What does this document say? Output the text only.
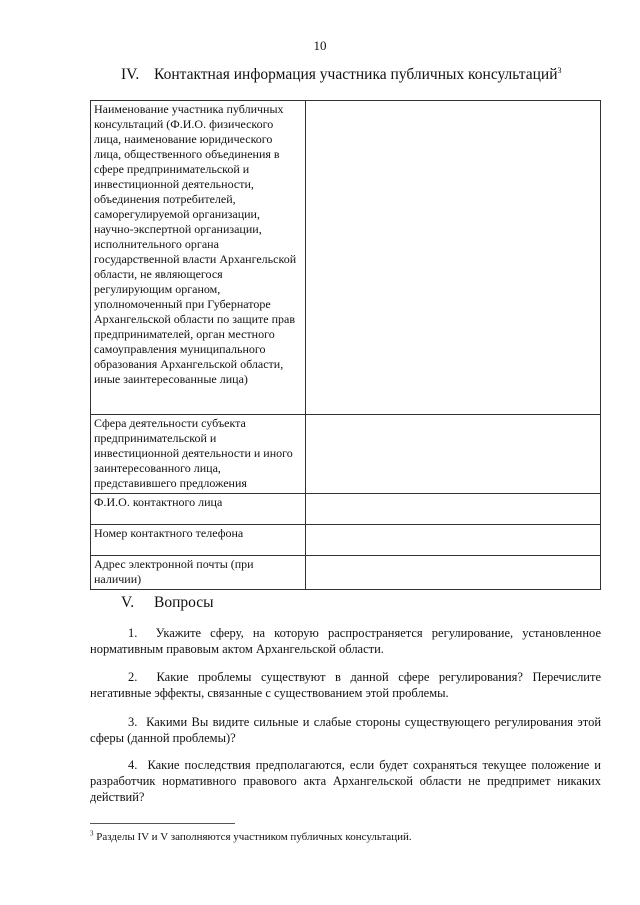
10
IV. Контактная информация участника публичных консультаций$^3$
Наименование участника публичных консультаций (Ф.И.О. физического лица, наименование юридического лица, общественного объединения в сфере предпринимательской и инвестиционной деятельности, объединения потребителей, саморегулируемой организации, научно-экспертной организации, исполнительного органа государственной власти Архангельской области, не являющегося регулирующим органом, уполномоченный при Губернаторе Архангельской области по защите прав предпринимателей, орган местного самоуправления муниципального образования Архангельской области, иные заинтересованные лица)	
Сфера деятельности субъекта предпринимательской и инвестиционной деятельности и иного заинтересованного лица, представившего предложения	
Ф.И.О. контактного лица	
Номер контактного телефона	
Адрес электронной почты (при наличии)	
V. Вопросы
1. Укажите сферу, на которую распространяется регулирование, установленное нормативным правовым актом Архангельской области.
2. Какие проблемы существуют в данной сфере регулирования? Перечислите негативные эффекты, связанные с существованием этой проблемы.
3. Какими Вы видите сильные и слабые стороны существующего регулирования этой сферы (данной проблемы)?
4. Какие последствия предполагаются, если будет сохраняться текущее положение и разработчик нормативного правового акта Архангельской области не предпримет никаких действий?
$^3$ Разделы IV и V заполняются участником публичных консультаций.
